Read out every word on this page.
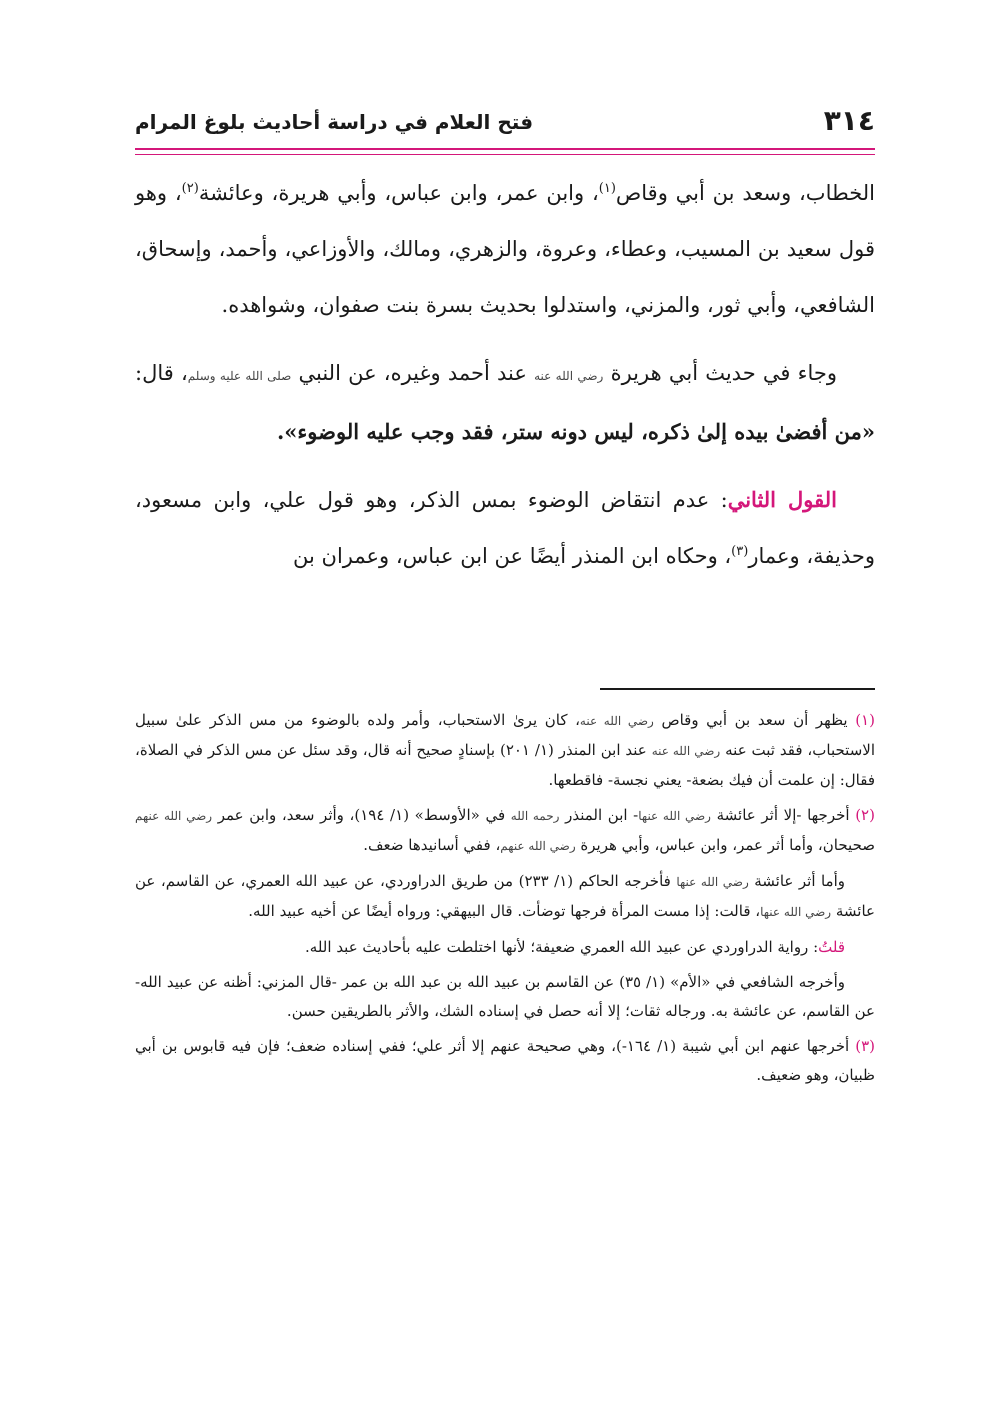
٣١٤
فتح العلام في دراسة أحاديث بلوغ المرام

الخطاب، وسعد بن أبي وقاص$^{(١)}$، وابن عمر، وابن عباس، وأبي هريرة، وعائشة$^{(٢)}$، وهو قول سعيد بن المسيب، وعطاء، وعروة، والزهري، ومالك، والأوزاعي، وأحمد، وإسحاق، الشافعي، وأبي ثور، والمزني، واستدلوا بحديث بسرة بنت صفوان، وشواهده.

وجاء في حديث أبي هريرة رضي الله عنه عند أحمد وغيره، عن النبي صلى الله عليه وسلم، قال: «من أفضىٰ بيده إلىٰ ذكره، ليس دونه ستر، فقد وجب عليه الوضوء».

القول الثاني: عدم انتقاض الوضوء بمس الذكر، وهو قول علي، وابن مسعود، وحذيفة، وعمار$^{(٣)}$، وحكاه ابن المنذر أيضًا عن ابن عباس، وعمران بن

(١) يظهر أن سعد بن أبي وقاص رضي الله عنه، كان يرىٰ الاستحباب، وأمر ولده بالوضوء من مس الذكر علىٰ سبيل الاستحباب، فقد ثبت عنه رضي الله عنه عند ابن المنذر (١/ ٢٠١) بإسنادٍ صحيح أنه قال، وقد سئل عن مس الذكر في الصلاة، فقال: إن علمت أن فيك بضعة- يعني نجسة- فاقطعها.

(٢) أخرجها -إلا أثر عائشة رضي الله عنها- ابن المنذر رحمه الله في «الأوسط» (١/ ١٩٤)، وأثر سعد، وابن عمر رضي الله عنهم صحيحان، وأما أثر عمر، وابن عباس، وأبي هريرة رضي الله عنهم، ففي أسانيدها ضعف.

وأما أثر عائشة رضي الله عنها فأخرجه الحاكم (١/ ٢٣٣) من طريق الدراوردي، عن عبيد الله العمري، عن القاسم، عن عائشة رضي الله عنها، قالت: إذا مست المرأة فرجها توضأت. قال البيهقي: ورواه أيضًا عن أخيه عبيد الله.

قلتُ: رواية الدراوردي عن عبيد الله العمري ضعيفة؛ لأنها اختلطت عليه بأحاديث عبد الله.

وأخرجه الشافعي في «الأم» (١/ ٣٥) عن القاسم بن عبيد الله بن عبد الله بن عمر -قال المزني: أظنه عن عبيد الله- عن القاسم، عن عائشة به. ورجاله ثقات؛ إلا أنه حصل في إسناده الشك، والأثر بالطريقين حسن.

(٣) أخرجها عنهم ابن أبي شيبة (١/ ١٦٤-)، وهي صحيحة عنهم إلا أثر علي؛ ففي إسناده ضعف؛ فإن فيه قابوس بن أبي ظبيان، وهو ضعيف.
